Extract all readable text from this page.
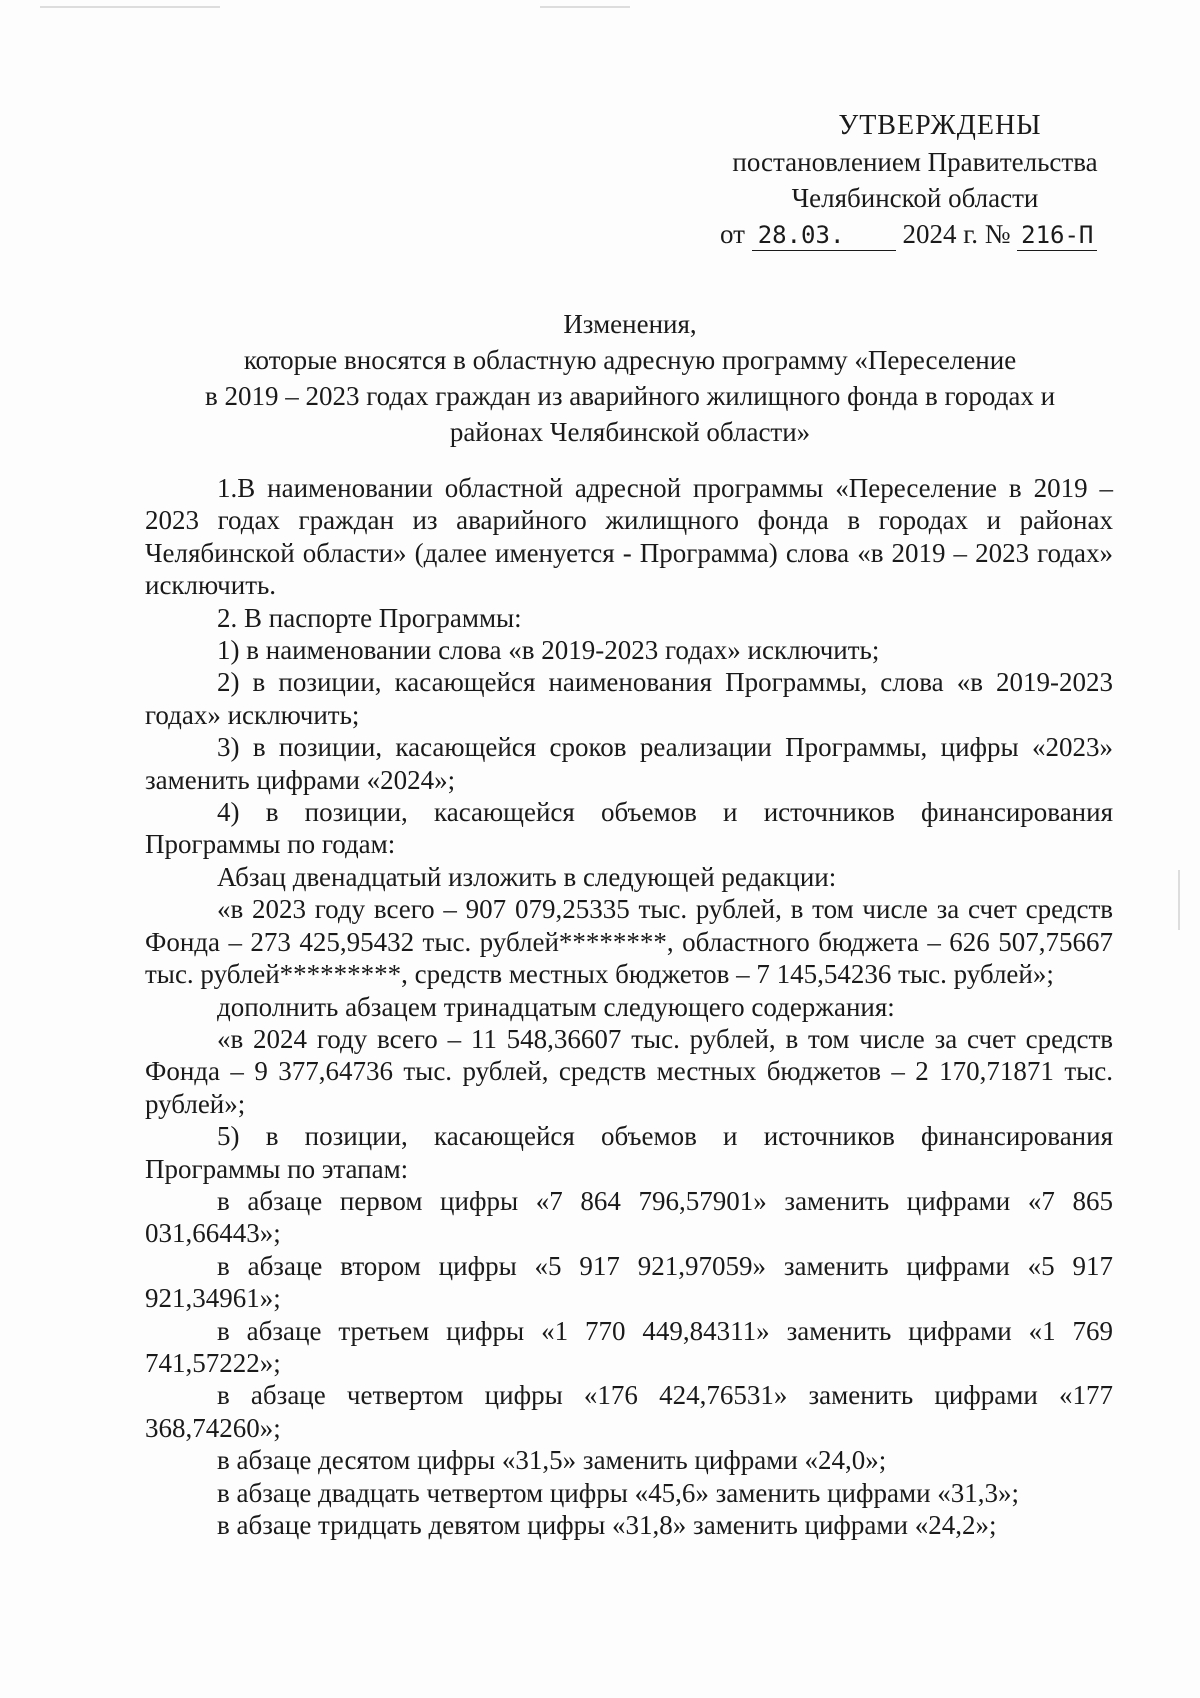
УТВЕРЖДЕНЫ
постановлением Правительства
Челябинской области
от 28.03. 2024 г. № 216-П
Изменения,
которые вносятся в областную адресную программу «Переселение
в 2019 – 2023 годах граждан из аварийного жилищного фонда в городах и
районах Челябинской области»

1.В наименовании областной адресной программы «Переселение в 2019 – 2023 годах граждан из аварийного жилищного фонда в городах и районах Челябинской области» (далее именуется - Программа) слова «в 2019 – 2023 годах» исключить.

2. В паспорте Программы:

1) в наименовании слова «в 2019-2023 годах» исключить;

2) в позиции, касающейся наименования Программы, слова «в 2019-2023 годах» исключить;

3) в позиции, касающейся сроков реализации Программы, цифры «2023» заменить цифрами «2024»;

4) в позиции, касающейся объемов и источников финансирования Программы по годам:

Абзац двенадцатый изложить в следующей редакции:

«в 2023 году всего – 907 079,25335 тыс. рублей, в том числе за счет средств Фонда – 273 425,95432 тыс. рублей********, областного бюджета – 626 507,75667 тыс. рублей*********, средств местных бюджетов – 7 145,54236 тыс. рублей»;

дополнить абзацем тринадцатым следующего содержания:

«в 2024 году всего – 11 548,36607 тыс. рублей, в том числе за счет средств Фонда – 9 377,64736 тыс. рублей, средств местных бюджетов – 2 170,71871 тыс. рублей»;

5) в позиции, касающейся объемов и источников финансирования Программы по этапам:

в абзаце первом цифры «7 864 796,57901» заменить цифрами «7 865 031,66443»;

в абзаце втором цифры «5 917 921,97059» заменить цифрами «5 917 921,34961»;

в абзаце третьем цифры «1 770 449,84311» заменить цифрами «1 769 741,57222»;

в абзаце четвертом цифры «176 424,76531» заменить цифрами «177 368,74260»;

в абзаце десятом цифры «31,5» заменить цифрами «24,0»;

в абзаце двадцать четвертом цифры «45,6» заменить цифрами «31,3»;

в абзаце тридцать девятом цифры «31,8» заменить цифрами «24,2»;
